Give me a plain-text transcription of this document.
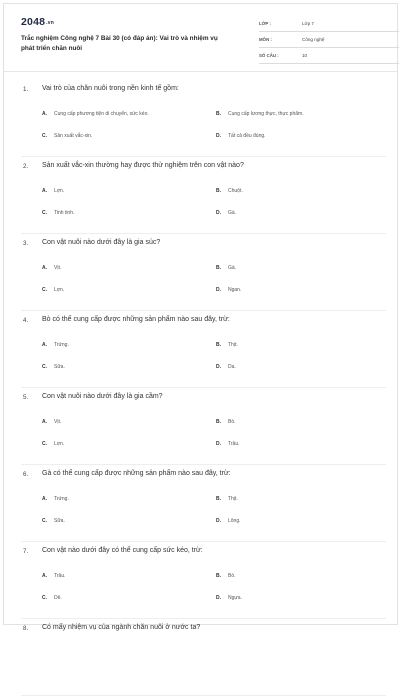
$2048^{.vn}$
Trắc nghiệm Công nghệ 7 Bài 30 (có đáp án): Vai trò và nhiệm vụ phát triển chăn nuôi
LỚP :	Lớp 7
MÔN :	Công nghệ
SỐ CÂU :	10
1. Vai trò của chăn nuôi trong nền kinh tế gồm:
A. Cung cấp phương tiện di chuyển, sức kéo.	B. Cung cấp lương thực, thực phẩm.
C. Sản xuất vắc-xin.	D. Tất cả đều đúng.
2. Sản xuất vắc-xin thường hay được thử nghiệm trên con vật nào?
A. Lợn.	B. Chuột.
C. Tinh tinh.	D. Gà.
3. Con vật nuôi nào dưới đây là gia súc?
A. Vịt.	B. Gà.
C. Lợn.	D. Ngan.
4. Bò có thể cung cấp được những sản phẩm nào sau đây, trừ:
A. Trứng.	B. Thịt.
C. Sữa.	D. Da.
5. Con vật nuôi nào dưới đây là gia cầm?
A. Vịt.	B. Bò.
C. Lợn.	D. Trâu.
6. Gà có thể cung cấp được những sản phẩm nào sau đây, trừ:
A. Trứng.	B. Thịt.
C. Sữa.	D. Lông.
7. Con vật nào dưới đây có thể cung cấp sức kéo, trừ:
A. Trâu.	B. Bò.
C. Dê.	D. Ngựa.
8. Có mấy nhiệm vụ của ngành chăn nuôi ở nước ta?
